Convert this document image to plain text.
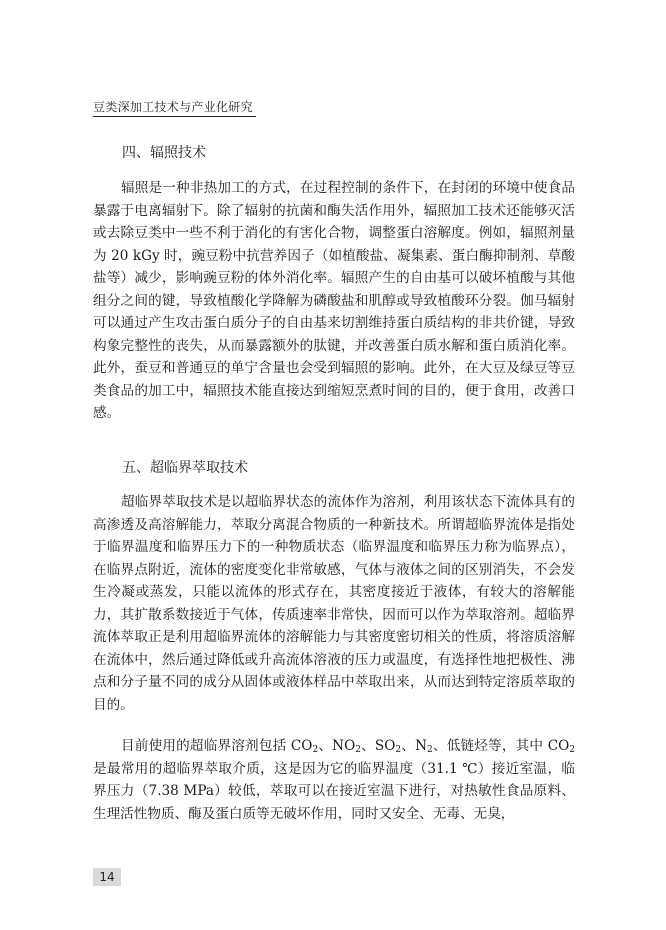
豆类深加工技术与产业化研究
四、辐照技术

辐照是一种非热加工的方式，在过程控制的条件下，在封闭的环境中使食品暴露于电离辐射下。除了辐射的抗菌和酶失活作用外，辐照加工技术还能够灭活或去除豆类中一些不利于消化的有害化合物，调整蛋白溶解度。例如，辐照剂量为 20 kGy 时，豌豆粉中抗营养因子（如植酸盐、凝集素、蛋白酶抑制剂、草酸盐等）减少，影响豌豆粉的体外消化率。辐照产生的自由基可以破坏植酸与其他组分之间的键，导致植酸化学降解为磷酸盐和肌醇或导致植酸环分裂。伽马辐射可以通过产生攻击蛋白质分子的自由基来切割维持蛋白质结构的非共价键，导致构象完整性的丧失，从而暴露额外的肽键，并改善蛋白质水解和蛋白质消化率。此外，蚕豆和普通豆的单宁含量也会受到辐照的影响。此外，在大豆及绿豆等豆类食品的加工中，辐照技术能直接达到缩短烹煮时间的目的，便于食用，改善口感。

五、超临界萃取技术

超临界萃取技术是以超临界状态的流体作为溶剂，利用该状态下流体具有的高渗透及高溶解能力，萃取分离混合物质的一种新技术。所谓超临界流体是指处于临界温度和临界压力下的一种物质状态（临界温度和临界压力称为临界点），在临界点附近，流体的密度变化非常敏感，气体与液体之间的区别消失，不会发生冷凝或蒸发，只能以流体的形式存在，其密度接近于液体，有较大的溶解能力，其扩散系数接近于气体，传质速率非常快，因而可以作为萃取溶剂。超临界流体萃取正是利用超临界流体的溶解能力与其密度密切相关的性质，将溶质溶解在流体中，然后通过降低或升高流体溶液的压力或温度，有选择性地把极性、沸点和分子量不同的成分从固体或液体样品中萃取出来，从而达到特定溶质萃取的目的。

目前使用的超临界溶剂包括 $CO_2$、$NO_2$、$SO_2$、$N_2$、低链烃等，其中 $CO_2$ 是最常用的超临界萃取介质，这是因为它的临界温度（31.1 ℃）接近室温，临界压力（7.38 MPa）较低，萃取可以在接近室温下进行，对热敏性食品原料、生理活性物质、酶及蛋白质等无破坏作用，同时又安全、无毒、无臭，

14
